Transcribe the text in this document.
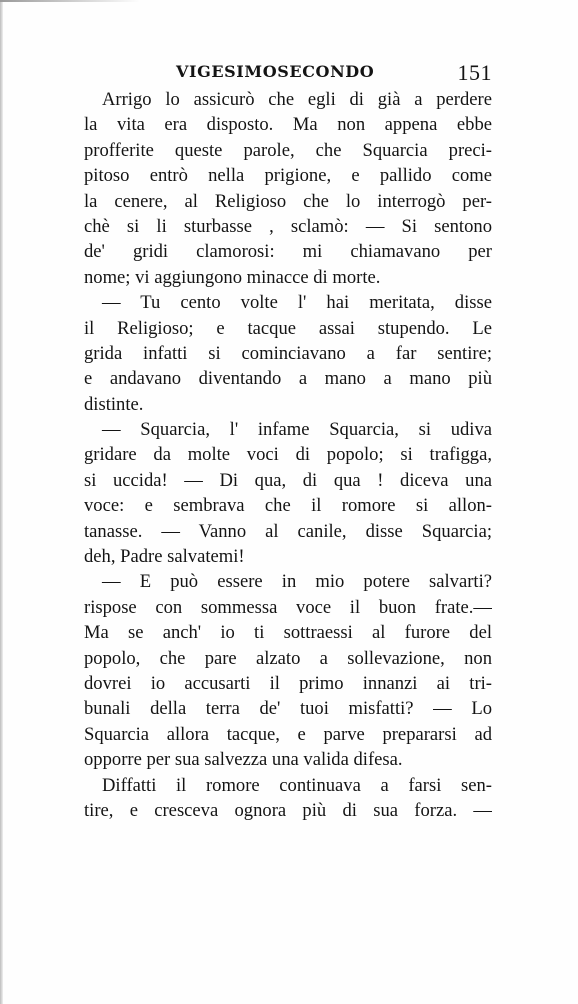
VIGESIMOSECONDO	151
Arrigo lo assicurò che egli di già a perdere
la vita era disposto. Ma non appena ebbe
profferite queste parole, che Squarcia preci-
pitoso entrò nella prigione, e pallido come
la cenere, al Religioso che lo interrogò per-
chè si li sturbasse , sclamò: — Si sentono
de' gridi clamorosi: mi chiamavano per
nome; vi aggiungono minacce di morte.
— Tu cento volte l' hai meritata, disse
il Religioso; e tacque assai stupendo. Le
grida infatti si cominciavano a far sentire;
e andavano diventando a mano a mano più
distinte.
— Squarcia, l' infame Squarcia, si udiva
gridare da molte voci di popolo; si trafigga,
si uccida! — Di qua, di qua ! diceva una
voce: e sembrava che il romore si allon-
tanasse. — Vanno al canile, disse Squarcia;
deh, Padre salvatemi!
— E può essere in mio potere salvarti?
rispose con sommessa voce il buon frate.—
Ma se anch' io ti sottraessi al furore del
popolo, che pare alzato a sollevazione, non
dovrei io accusarti il primo innanzi ai tri-
bunali della terra de' tuoi misfatti? — Lo
Squarcia allora tacque, e parve prepararsi ad
opporre per sua salvezza una valida difesa.
Diffatti il romore continuava a farsi sen-
tire, e cresceva ognora più di sua forza. —
